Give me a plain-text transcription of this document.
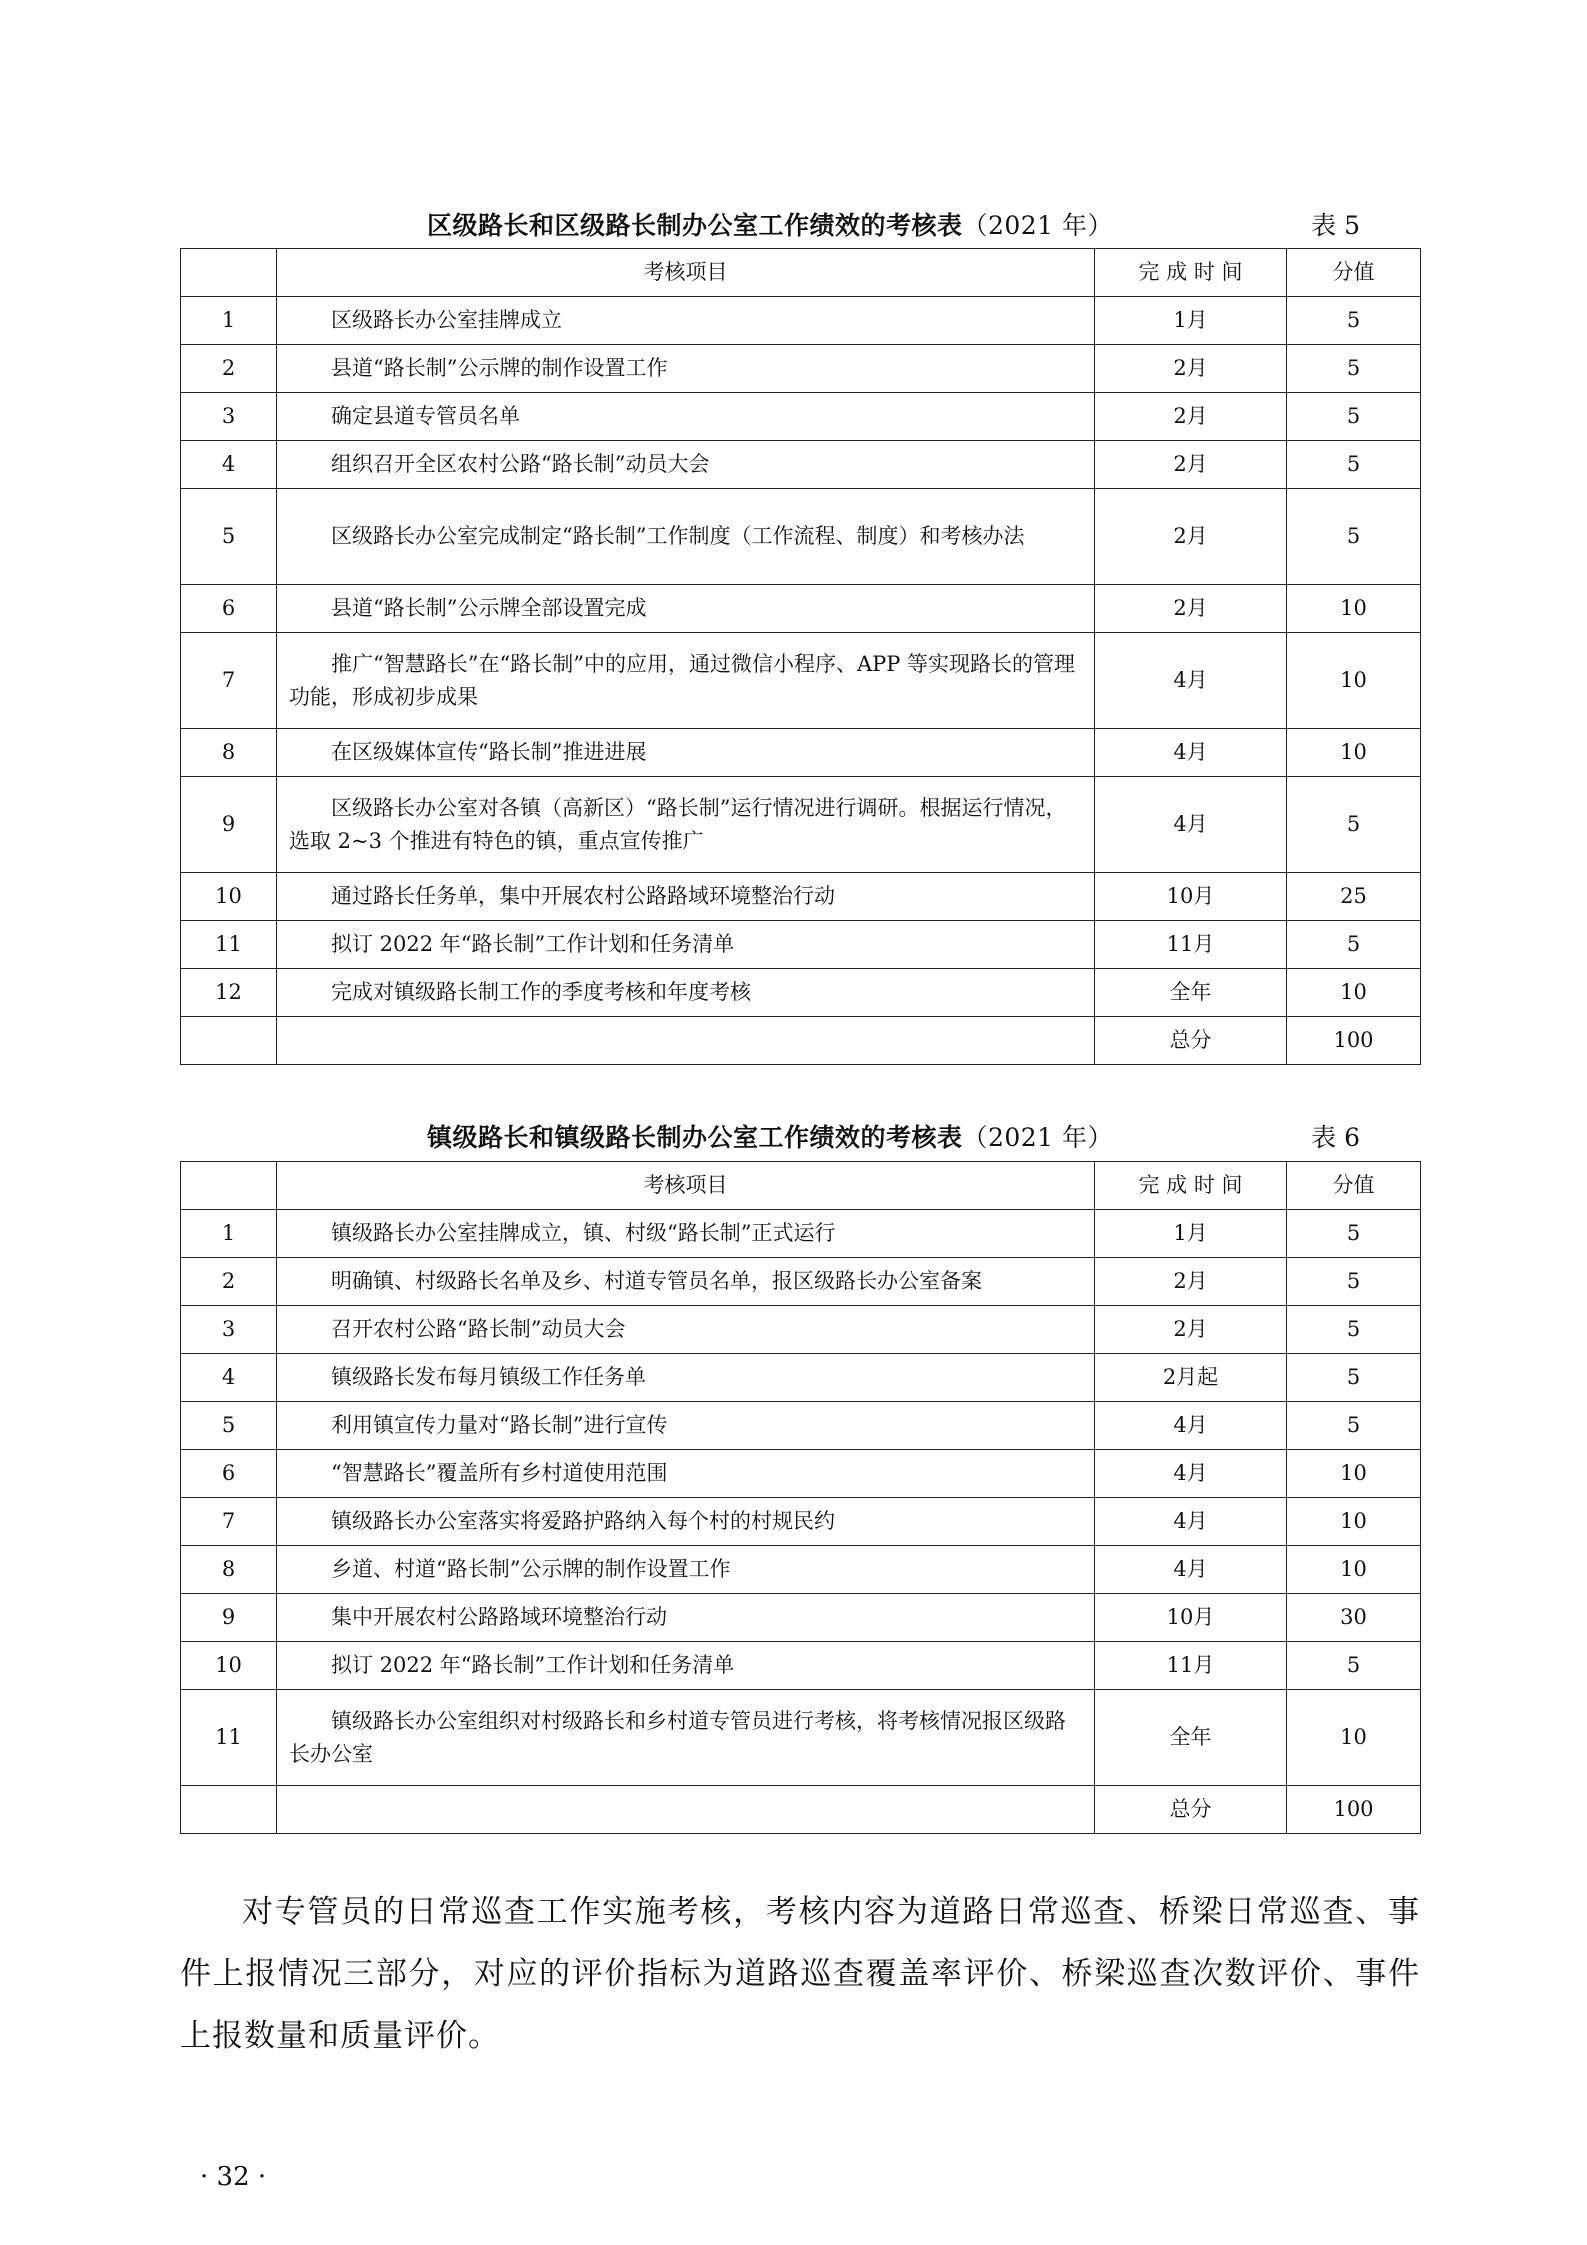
区级路长和区级路长制办公室工作绩效的考核表（2021 年）	表 5
	考核项目	完 成 时 间	分值
1	区级路长办公室挂牌成立	1月	5
2	县道“路长制”公示牌的制作设置工作	2月	5
3	确定县道专管员名单	2月	5
4	组织召开全区农村公路“路长制”动员大会	2月	5
5	区级路长办公室完成制定“路长制”工作制度（工作流程、制度）和考核办法	2月	5
6	县道“路长制”公示牌全部设置完成	2月	10
7	推广“智慧路长”在“路长制”中的应用，通过微信小程序、APP 等实现路长的管理功能，形成初步成果	4月	10
8	在区级媒体宣传“路长制”推进进展	4月	10
9	区级路长办公室对各镇（高新区）“路长制”运行情况进行调研。根据运行情况，选取 2~3 个推进有特色的镇，重点宣传推广	4月	5
10	通过路长任务单，集中开展农村公路路域环境整治行动	10月	25
11	拟订 2022 年“路长制”工作计划和任务清单	11月	5
12	完成对镇级路长制工作的季度考核和年度考核	全年	10
		总分	100
镇级路长和镇级路长制办公室工作绩效的考核表（2021 年）	表 6
	考核项目	完 成 时 间	分值
1	镇级路长办公室挂牌成立，镇、村级“路长制”正式运行	1月	5
2	明确镇、村级路长名单及乡、村道专管员名单，报区级路长办公室备案	2月	5
3	召开农村公路“路长制”动员大会	2月	5
4	镇级路长发布每月镇级工作任务单	2月起	5
5	利用镇宣传力量对“路长制”进行宣传	4月	5
6	“智慧路长”覆盖所有乡村道使用范围	4月	10
7	镇级路长办公室落实将爱路护路纳入每个村的村规民约	4月	10
8	乡道、村道“路长制”公示牌的制作设置工作	4月	10
9	集中开展农村公路路域环境整治行动	10月	30
10	拟订 2022 年“路长制”工作计划和任务清单	11月	5
11	镇级路长办公室组织对村级路长和乡村道专管员进行考核，将考核情况报区级路长办公室	全年	10
		总分	100

对专管员的日常巡查工作实施考核，考核内容为道路日常巡查、桥梁日常巡查、事件上报情况三部分，对应的评价指标为道路巡查覆盖率评价、桥梁巡查次数评价、事件上报数量和质量评价。

· 32 ·
